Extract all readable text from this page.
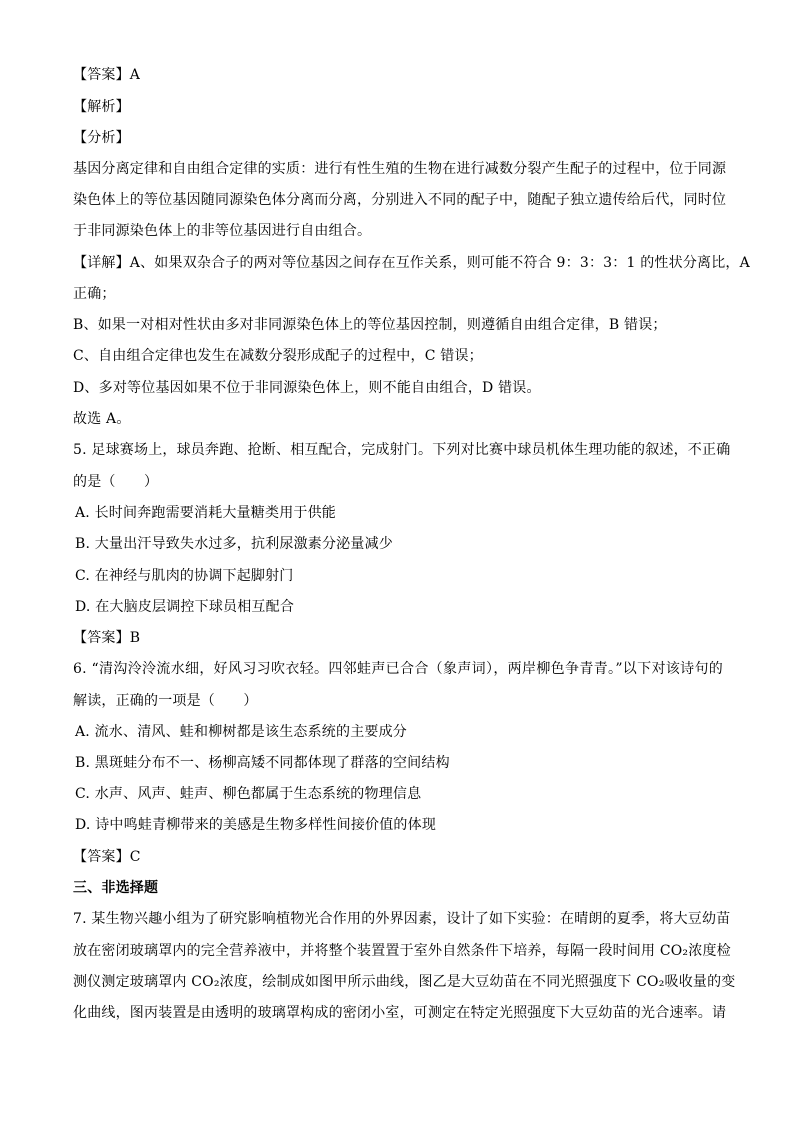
【答案】A
【解析】
【分析】
基因分离定律和自由组合定律的实质：进行有性生殖的生物在进行减数分裂产生配子的过程中，位于同源
染色体上的等位基因随同源染色体分离而分离，分别进入不同的配子中，随配子独立遗传给后代，同时位
于非同源染色体上的非等位基因进行自由组合。
【详解】A、如果双杂合子的两对等位基因之间存在互作关系，则可能不符合 9：3：3：1 的性状分离比，A
正确；
B、如果一对相对性状由多对非同源染色体上的等位基因控制，则遵循自由组合定律，B 错误；
C、自由组合定律也发生在减数分裂形成配子的过程中，C 错误；
D、多对等位基因如果不位于非同源染色体上，则不能自由组合，D 错误。
故选 A。
5. 足球赛场上，球员奔跑、抢断、相互配合，完成射门。下列对比赛中球员机体生理功能的叙述，不正确
的是（　　）
A. 长时间奔跑需要消耗大量糖类用于供能
B. 大量出汗导致失水过多，抗利尿激素分泌量减少
C. 在神经与肌肉的协调下起脚射门
D. 在大脑皮层调控下球员相互配合
【答案】B
6. “清沟泠泠流水细，好风习习吹衣轻。四邻蛙声已合合（象声词），两岸柳色争青青。”以下对该诗句的
解读，正确的一项是（　　）
A. 流水、清风、蛙和柳树都是该生态系统的主要成分
B. 黑斑蛙分布不一、杨柳高矮不同都体现了群落的空间结构
C. 水声、风声、蛙声、柳色都属于生态系统的物理信息
D. 诗中鸣蛙青柳带来的美感是生物多样性间接价值的体现
【答案】C
三、非选择题
7. 某生物兴趣小组为了研究影响植物光合作用的外界因素，设计了如下实验：在晴朗的夏季，将大豆幼苗
放在密闭玻璃罩内的完全营养液中，并将整个装置置于室外自然条件下培养，每隔一段时间用 CO₂浓度检
测仪测定玻璃罩内 CO₂浓度，绘制成如图甲所示曲线，图乙是大豆幼苗在不同光照强度下 CO₂吸收量的变
化曲线，图丙装置是由透明的玻璃罩构成的密闭小室，可测定在特定光照强度下大豆幼苗的光合速率。请
